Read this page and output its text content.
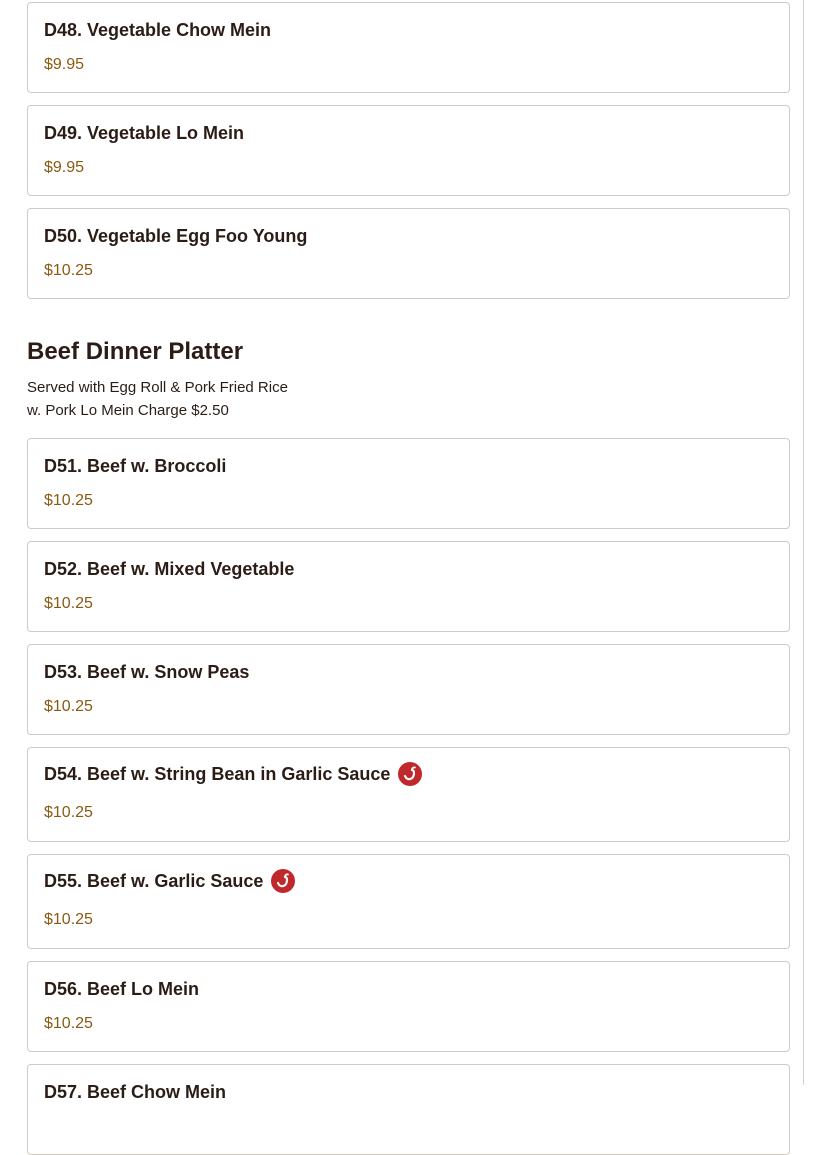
D48. Vegetable Chow Mein
$9.95
D49. Vegetable Lo Mein
$9.95
D50. Vegetable Egg Foo Young
$10.25
Beef Dinner Platter
Served with Egg Roll & Pork Fried Rice
w. Pork Lo Mein Charge $2.50
D51. Beef w. Broccoli
$10.25
D52. Beef w. Mixed Vegetable
$10.25
D53. Beef w. Snow Peas
$10.25
D54. Beef w. String Bean in Garlic Sauce
$10.25
D55. Beef w. Garlic Sauce
$10.25
D56. Beef Lo Mein
$10.25
D57. Beef Chow Mein
